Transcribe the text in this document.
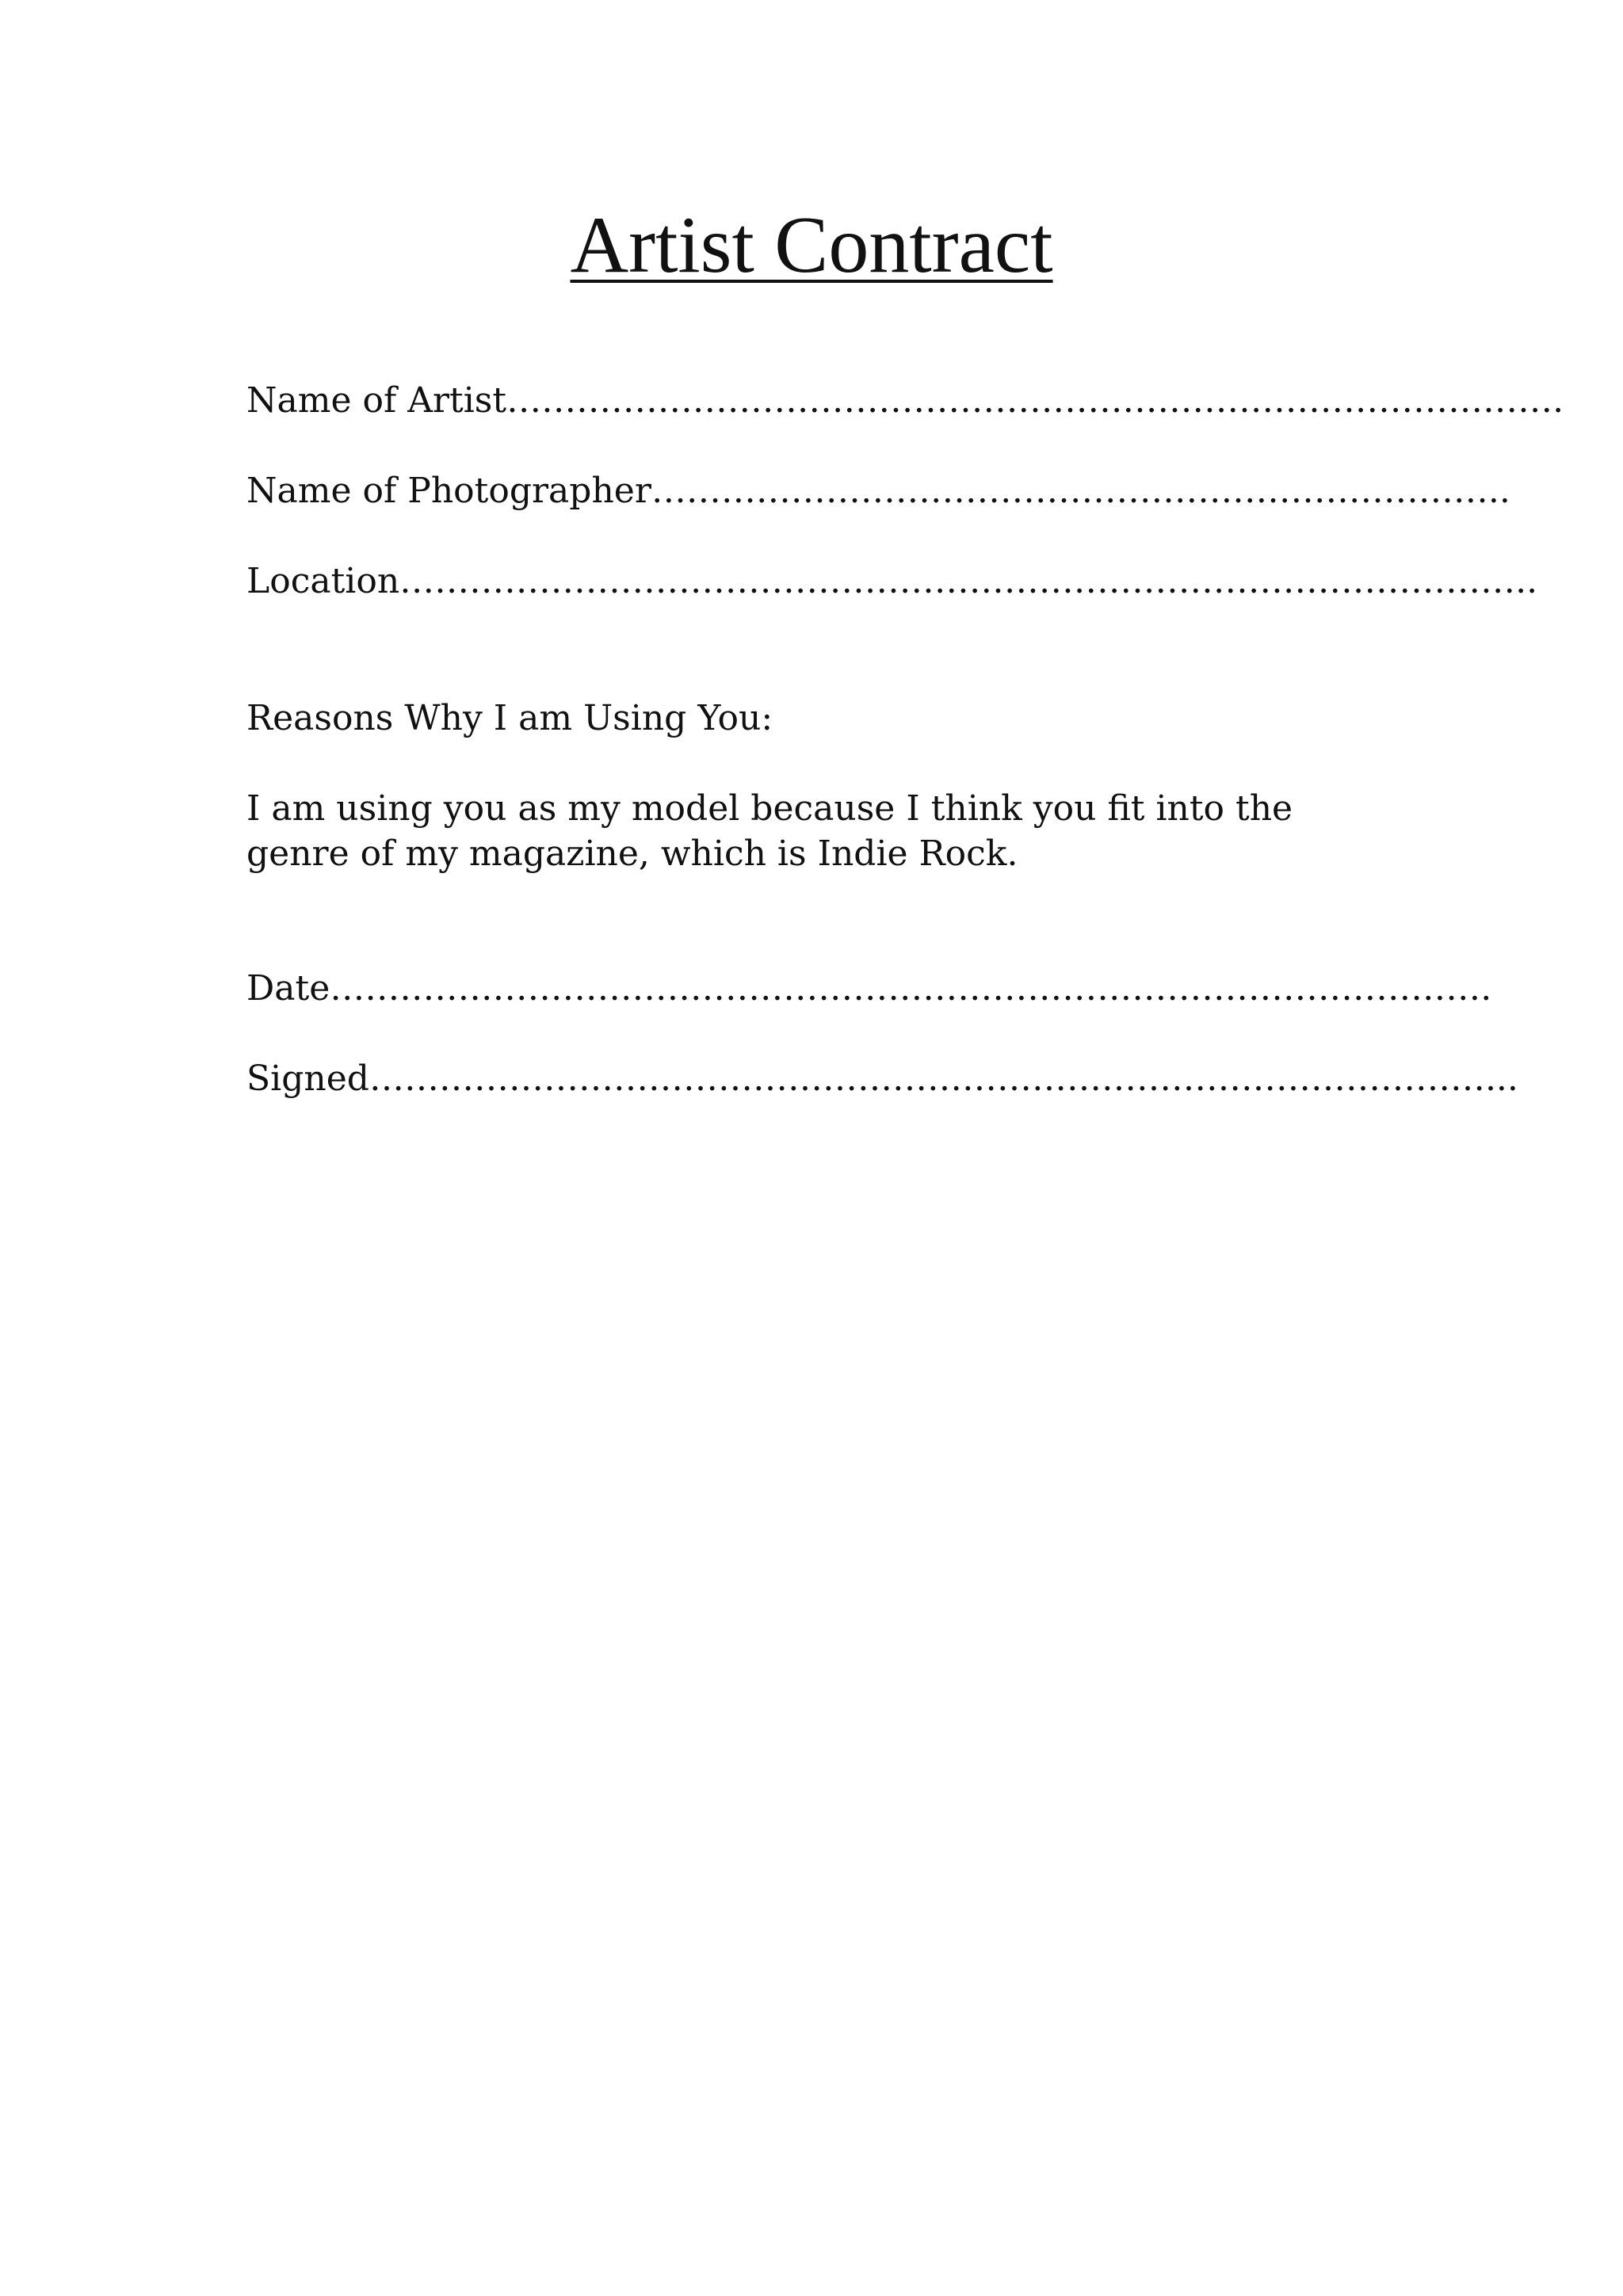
Artist Contract

Name of Artist……………………………………………………………………………….

Name of Photographer………………………………………………………………..

Location……………………………………………………………………………………..

Reasons Why I am Using You:

I am using you as my model because I think you fit into the genre of my magazine, which is Indie Rock.

Date……………………………………………………………………………………….

Signed……………………………………………………………………………………...
